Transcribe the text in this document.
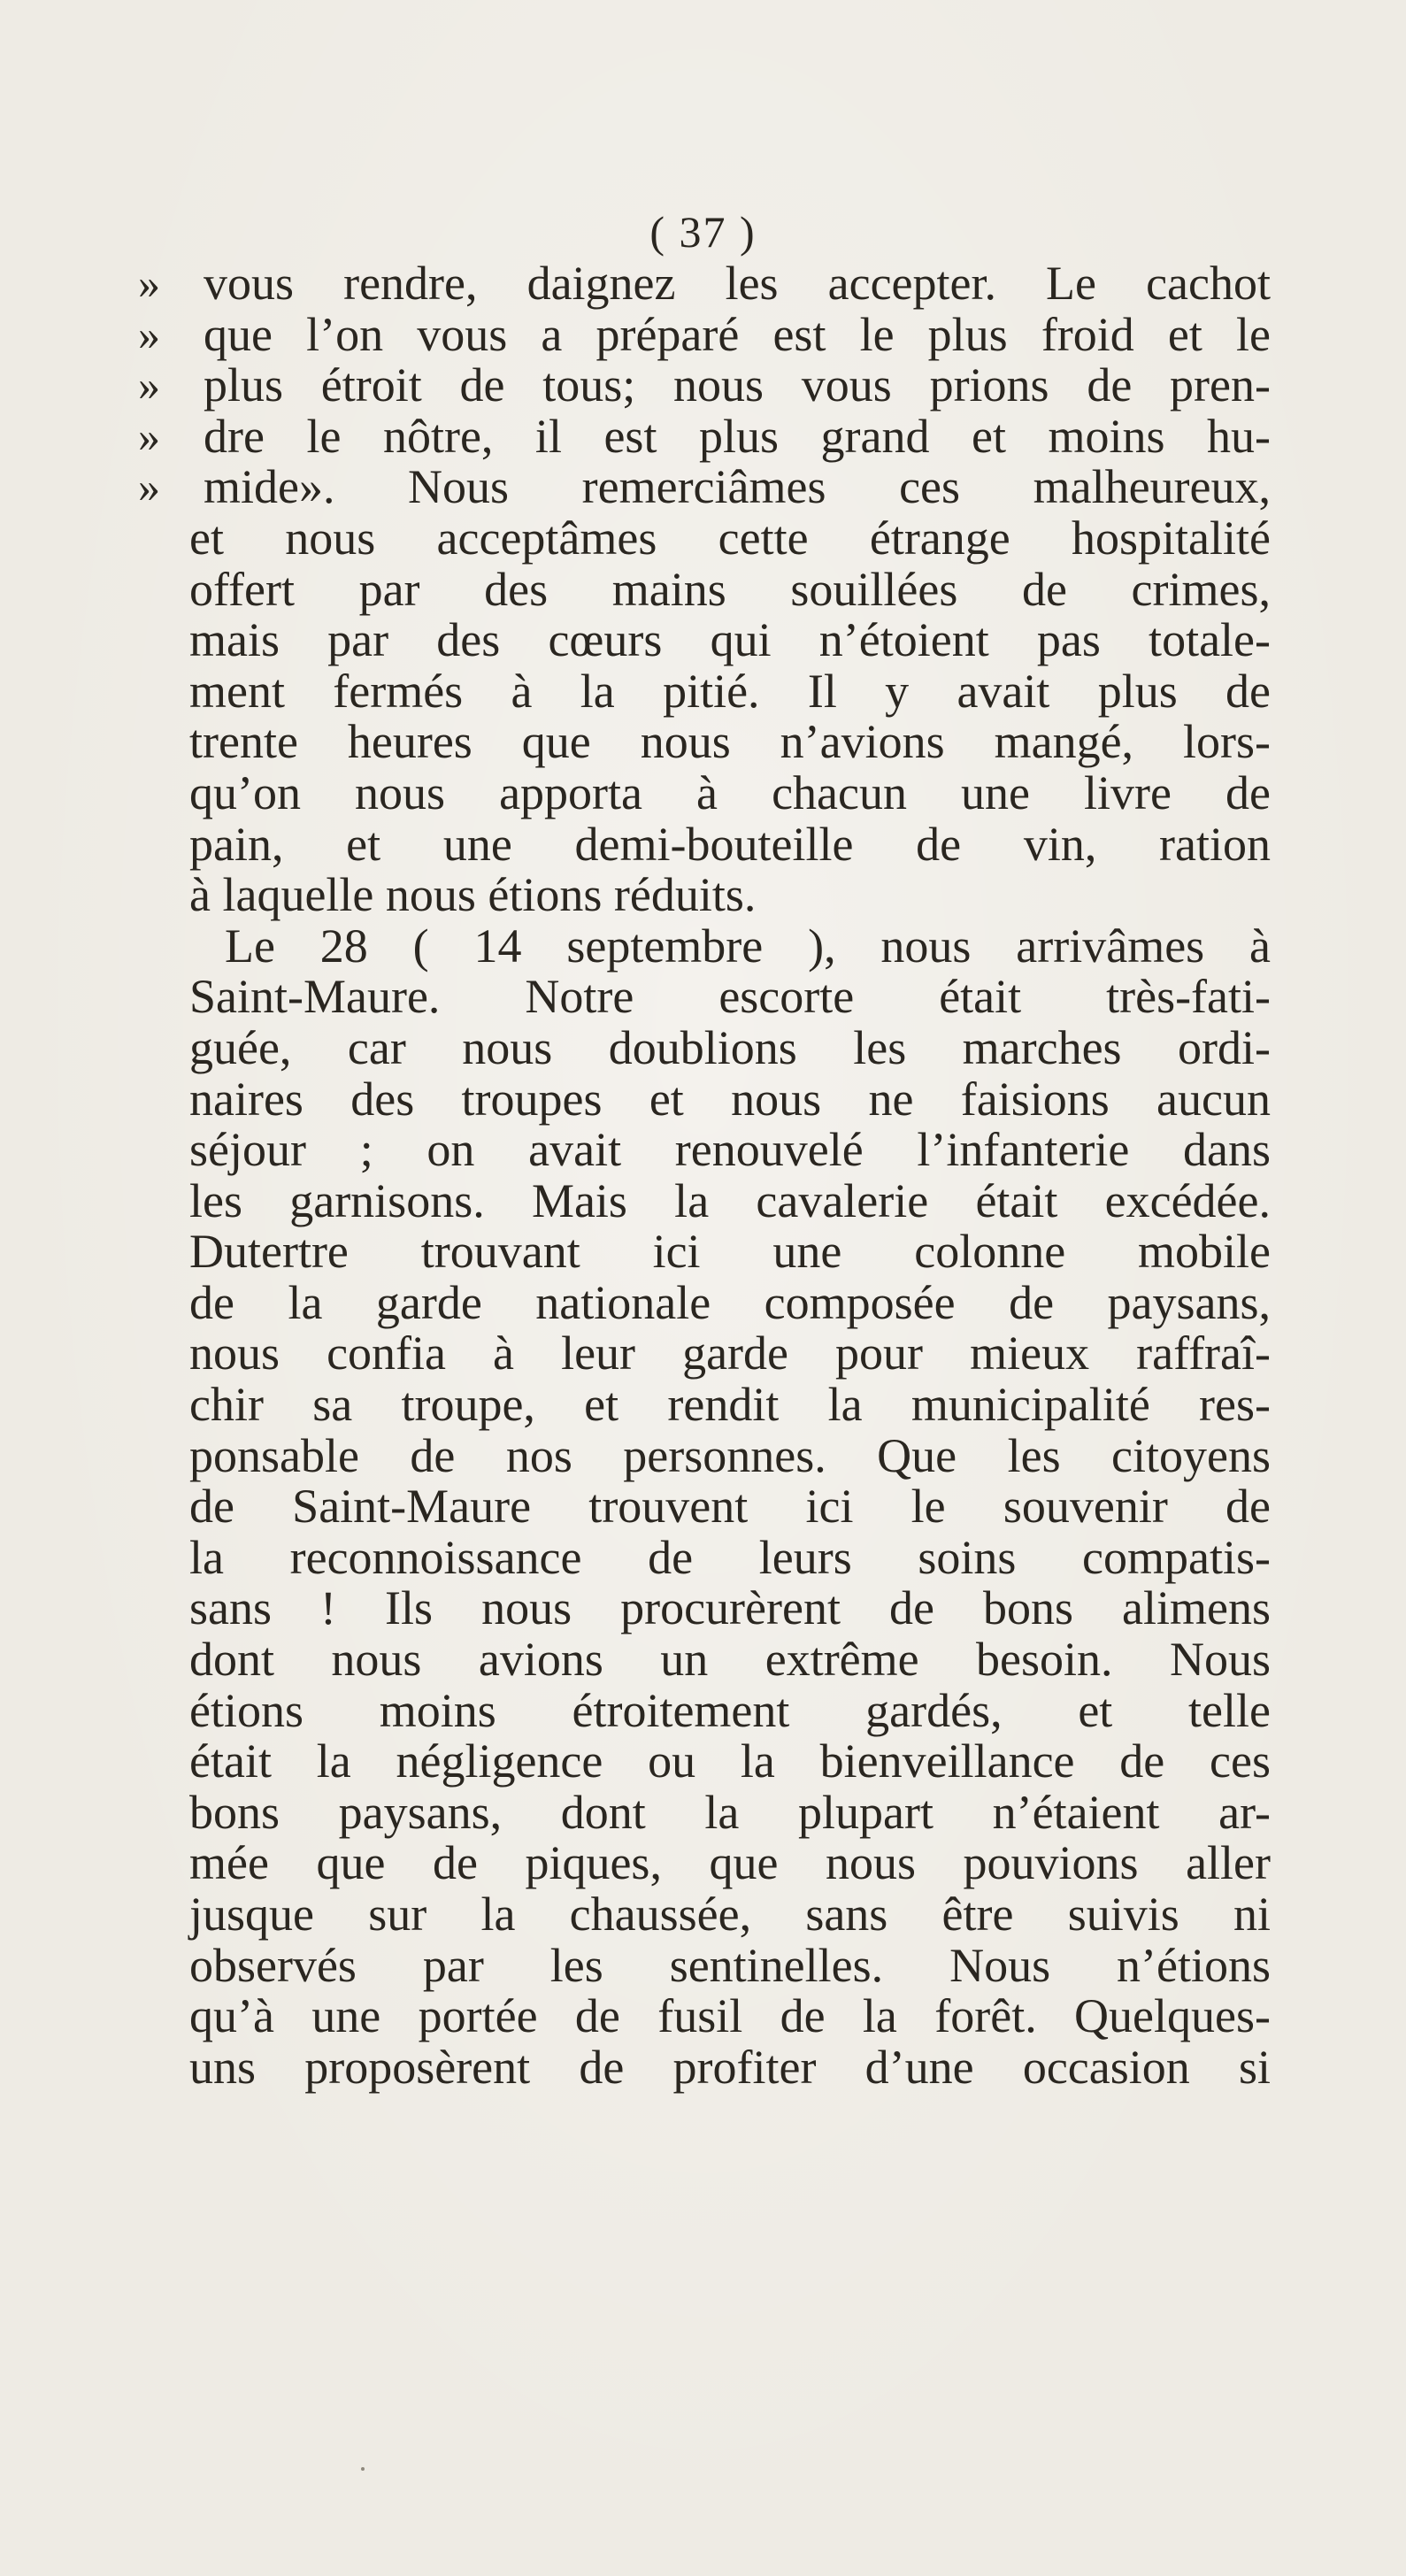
( 37 )
» vous rendre, daignez les accepter. Le cachot
» que l’on vous a préparé est le plus froid et le
» plus étroit de tous; nous vous prions de pren-
» dre le nôtre, il est plus grand et moins hu-
» mide». Nous remerciâmes ces malheureux,
et nous acceptâmes cette étrange hospitalité
offert par des mains souillées de crimes,
mais par des cœurs qui n’étoient pas totale-
ment fermés à la pitié. Il y avait plus de
trente heures que nous n’avions mangé, lors-
qu’on nous apporta à chacun une livre de
pain, et une demi-bouteille de vin, ration
à laquelle nous étions réduits.
Le 28 ( 14 septembre ), nous arrivâmes à
Saint-Maure. Notre escorte était très-fati-
guée, car nous doublions les marches ordi-
naires des troupes et nous ne faisions aucun
séjour ; on avait renouvelé l’infanterie dans
les garnisons. Mais la cavalerie était excédée.
Dutertre trouvant ici une colonne mobile
de la garde nationale composée de paysans,
nous confia à leur garde pour mieux raffraî-
chir sa troupe, et rendit la municipalité res-
ponsable de nos personnes. Que les citoyens
de Saint-Maure trouvent ici le souvenir de
la reconnoissance de leurs soins compatis-
sans ! Ils nous procurèrent de bons alimens
dont nous avions un extrême besoin. Nous
étions moins étroitement gardés, et telle
était la négligence ou la bienveillance de ces
bons paysans, dont la plupart n’étaient ar-
mée que de piques, que nous pouvions aller
jusque sur la chaussée, sans être suivis ni
observés par les sentinelles. Nous n’étions
qu’à une portée de fusil de la forêt. Quelques-
uns proposèrent de profiter d’une occasion si
